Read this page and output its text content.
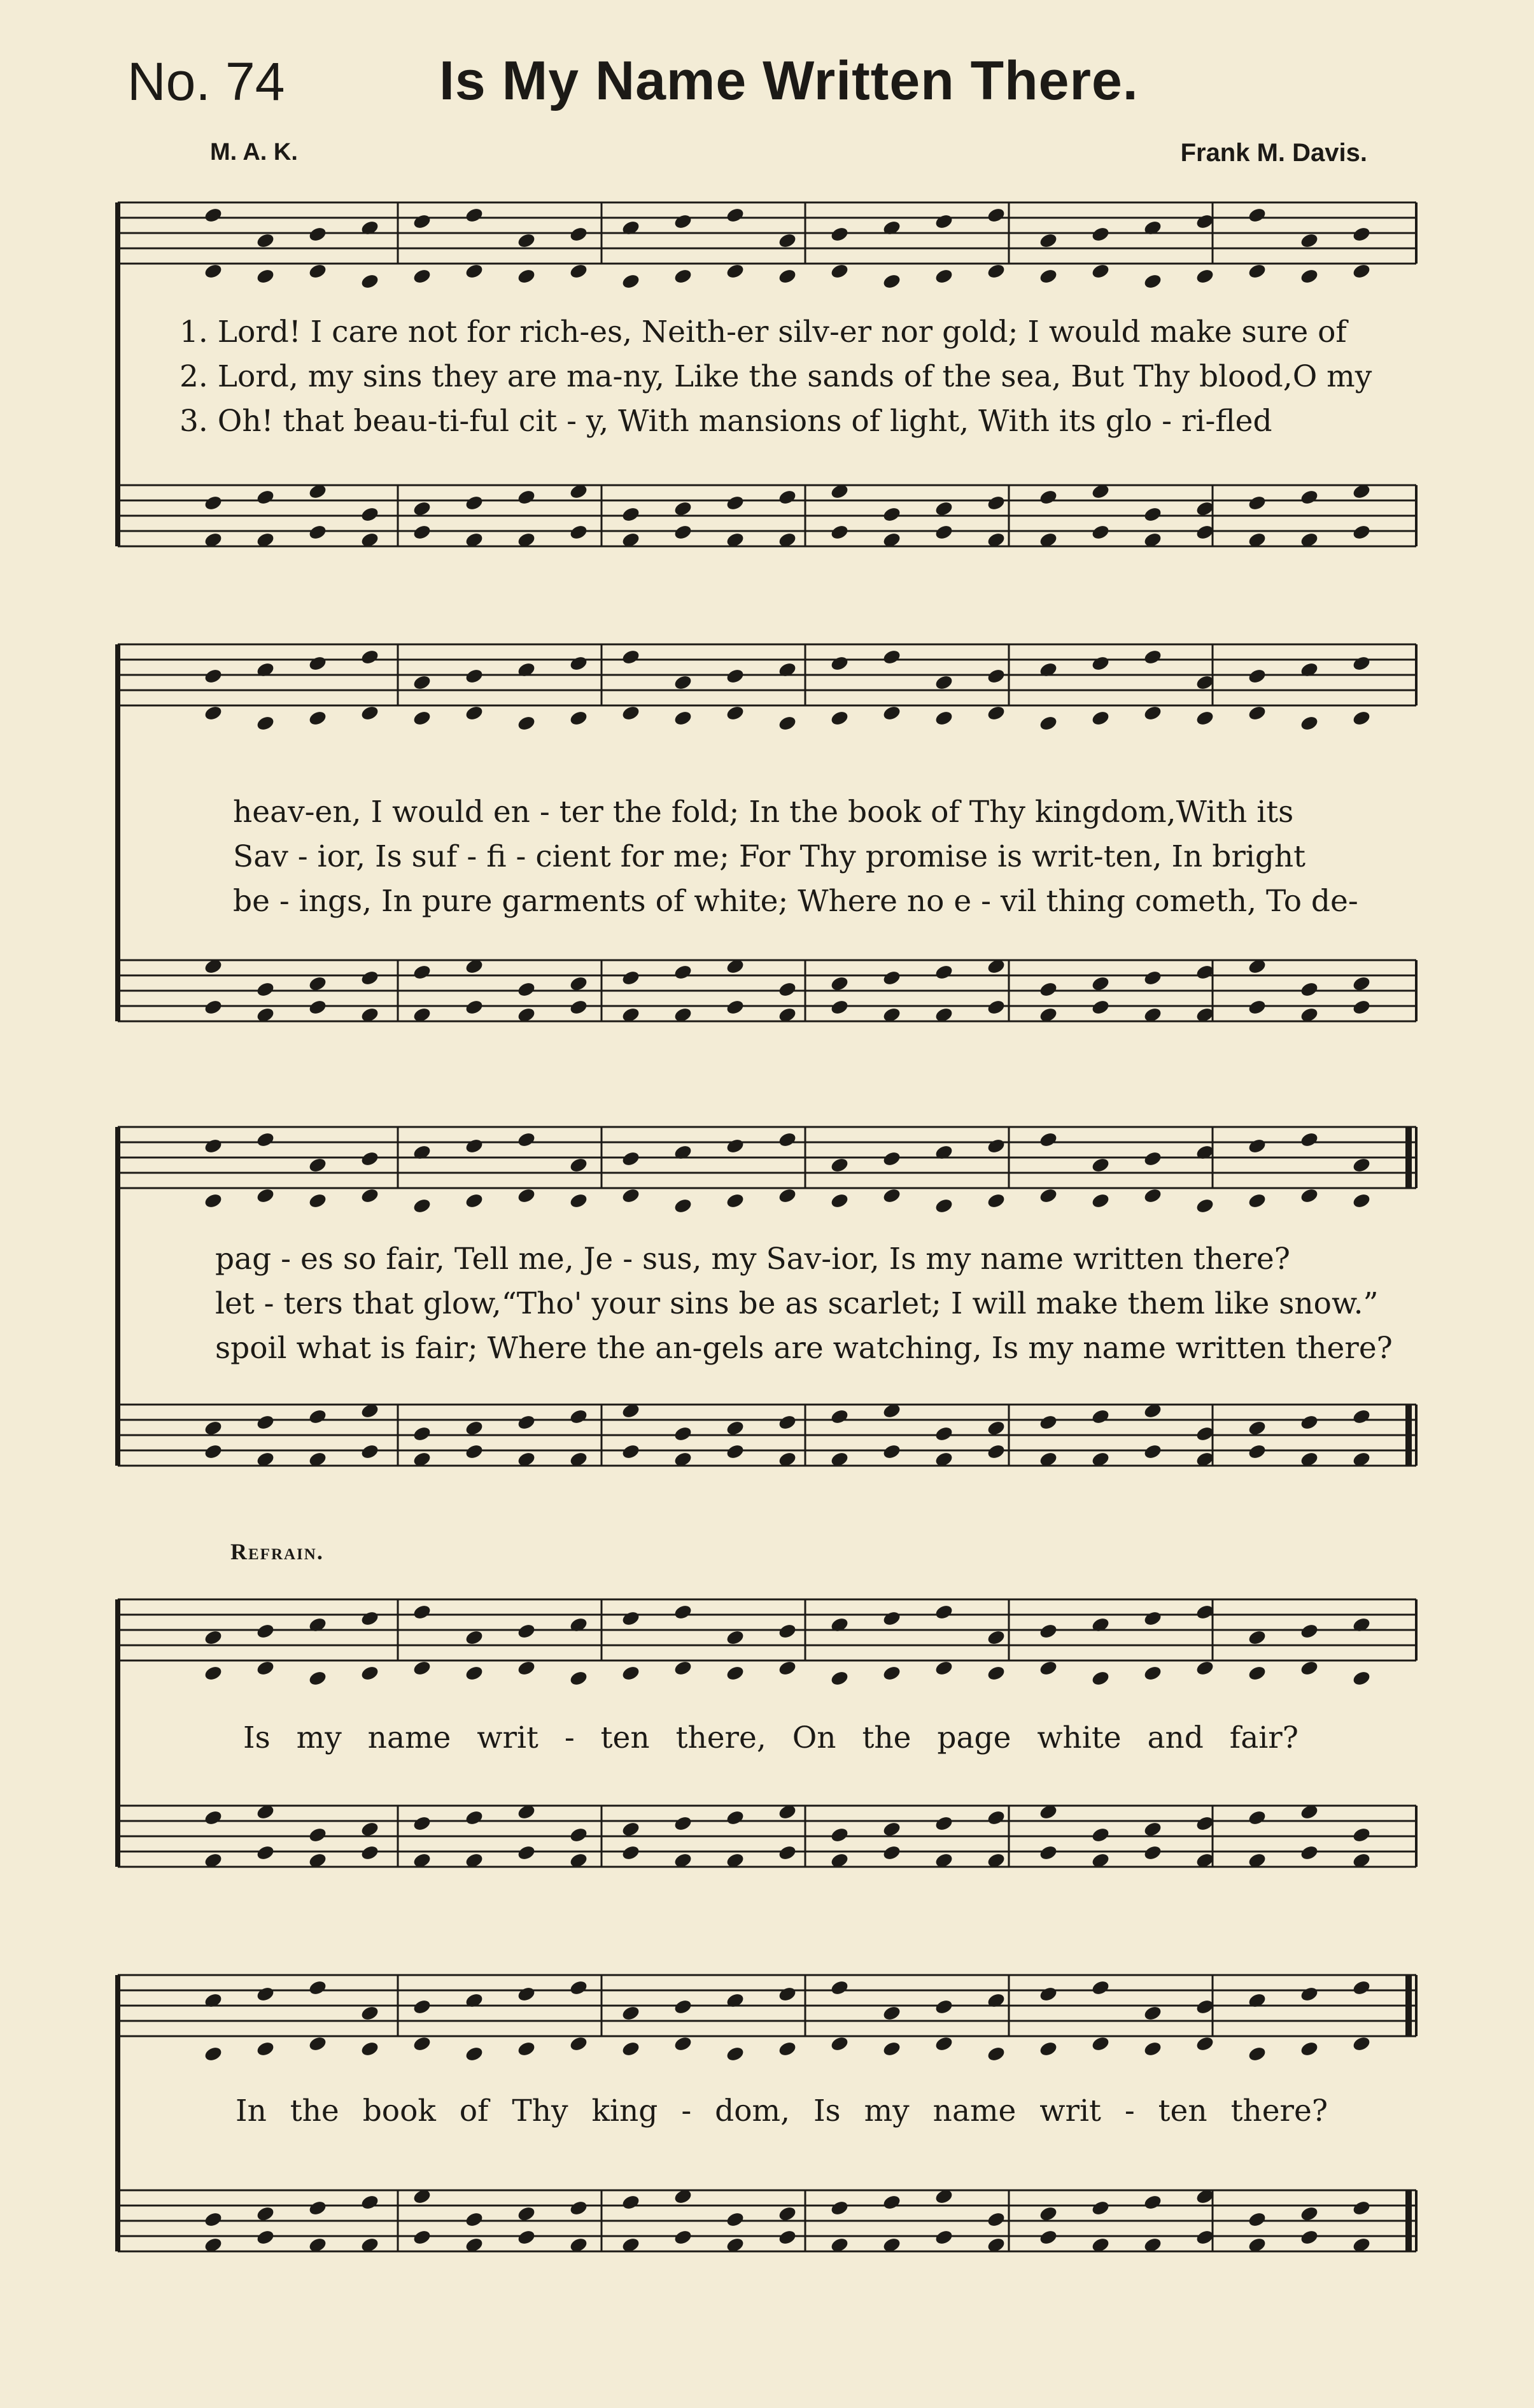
No. 74	Is My Name Written There.
M. A. K.	Frank M. Davis.
1. Lord! I care not for rich-es, Neith-er silv-er nor gold; I would make sure of
2. Lord, my sins they are ma-ny, Like the sands of the sea, But Thy blood,O my
3. Oh! that beau-ti-ful cit - y, With mansions of light, With its glo - ri-fled
heav-en, I would en - ter the fold; In the book of Thy kingdom,With its
Sav - ior, Is suf - fi - cient for me; For Thy promise is writ-ten, In bright
be - ings, In pure garments of white; Where no e - vil thing cometh, To de-
pag - es so fair, Tell me, Je - sus, my Sav-ior, Is my name written there?
let - ters that glow,“Tho' your sins be as scarlet; I will make them like snow.”
spoil what is fair; Where the an-gels are watching, Is my name written there?
Refrain.
Is my name writ - ten there, On the page white and fair?
In the book of Thy king - dom, Is my name writ - ten there?
